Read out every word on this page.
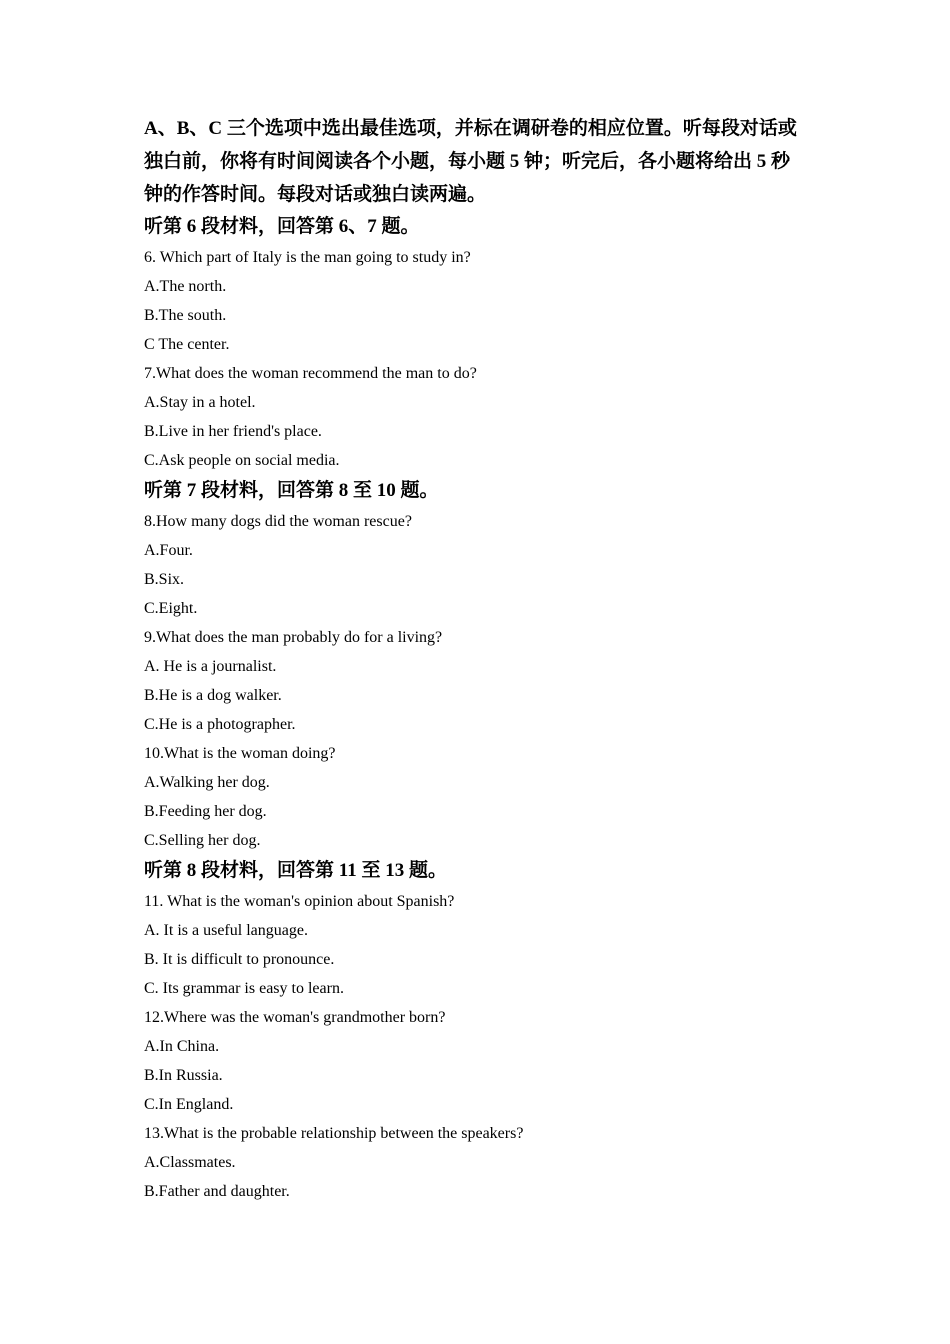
A、B、C 三个选项中选出最佳选项，并标在调研卷的相应位置。听每段对话或

独白前，你将有时间阅读各个小题，每小题 5 钟；听完后，各小题将给出 5 秒

钟的作答时间。每段对话或独白读两遍。

听第 6 段材料，回答第 6、7 题。

6. Which part of Italy is the man going to study in?

A.The north.

B.The south.

C The center.

7.What does the woman recommend the man to do?

A.Stay in a hotel.

B.Live in her friend's place.

C.Ask people on social media.

听第 7 段材料，回答第 8 至 10 题。

8.How many dogs did the woman rescue?

A.Four.

B.Six.

C.Eight.

9.What does the man probably do for a living?

A. He is a journalist.

B.He is a dog walker.

C.He is a photographer.

10.What is the woman doing?

A.Walking her dog.

B.Feeding her dog.

C.Selling her dog.

听第 8 段材料，回答第 11 至 13 题。

11. What is the woman's opinion about Spanish?

A. It is a useful language.

B. It is difficult to pronounce.

C. Its grammar is easy to learn.

12.Where was the woman's grandmother born?

A.In China.

B.In Russia.

C.In England.

13.What is the probable relationship between the speakers?

A.Classmates.

B.Father and daughter.
